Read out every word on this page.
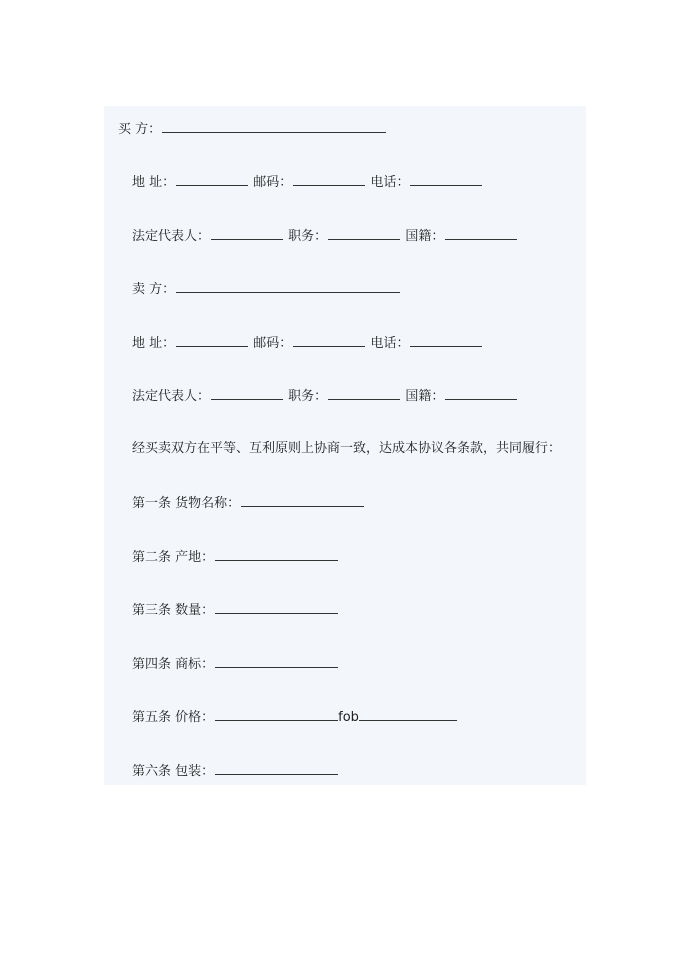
买 方：
地 址：	邮码：	电话：
法定代表人：	职务：	国籍：
卖 方：
地 址：	邮码：	电话：
法定代表人：	职务：	国籍：
经买卖双方在平等、互利原则上协商一致，达成本协议各条款，共同履行：
第一条 货物名称：
第二条 产地：
第三条 数量：
第四条 商标：
第五条 价格：	fob
第六条 包装：
